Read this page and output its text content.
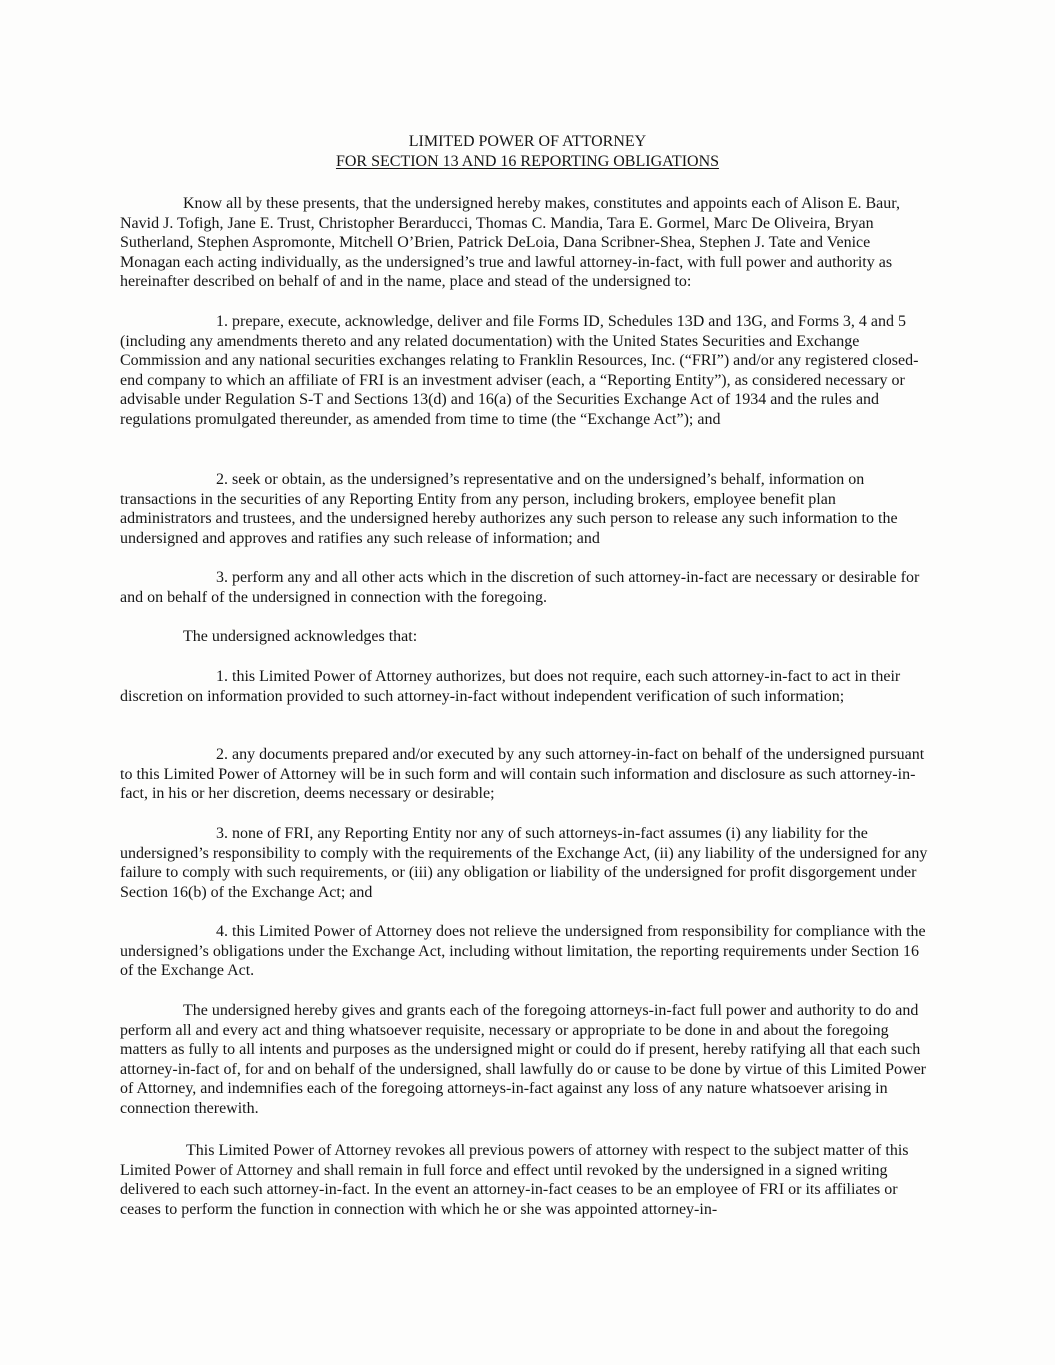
LIMITED POWER OF ATTORNEY
FOR SECTION 13 AND 16 REPORTING OBLIGATIONS

Know all by these presents, that the undersigned hereby makes, constitutes and appoints each of Alison E. Baur, Navid J. Tofigh, Jane E. Trust, Christopher Berarducci, Thomas C. Mandia, Tara E. Gormel, Marc De Oliveira, Bryan Sutherland, Stephen Aspromonte, Mitchell O’Brien, Patrick DeLoia, Dana Scribner-Shea, Stephen J. Tate and Venice Monagan each acting individually, as the undersigned’s true and lawful attorney-in-fact, with full power and authority as hereinafter described on behalf of and in the name, place and stead of the undersigned to:

1. prepare, execute, acknowledge, deliver and file Forms ID, Schedules 13D and 13G, and Forms 3, 4 and 5 (including any amendments thereto and any related documentation) with the United States Securities and Exchange Commission and any national securities exchanges relating to Franklin Resources, Inc. (“FRI”) and/or any registered closed-end company to which an affiliate of FRI is an investment adviser (each, a “Reporting Entity”), as considered necessary or advisable under Regulation S-T and Sections 13(d) and 16(a) of the Securities Exchange Act of 1934 and the rules and regulations promulgated thereunder, as amended from time to time (the “Exchange Act”); and

2. seek or obtain, as the undersigned’s representative and on the undersigned’s behalf, information on transactions in the securities of any Reporting Entity from any person, including brokers, employee benefit plan administrators and trustees, and the undersigned hereby authorizes any such person to release any such information to the undersigned and approves and ratifies any such release of information; and

3. perform any and all other acts which in the discretion of such attorney-in-fact are necessary or desirable for and on behalf of the undersigned in connection with the foregoing.

The undersigned acknowledges that:

1. this Limited Power of Attorney authorizes, but does not require, each such attorney-in-fact to act in their discretion on information provided to such attorney-in-fact without independent verification of such information;

2. any documents prepared and/or executed by any such attorney-in-fact on behalf of the undersigned pursuant to this Limited Power of Attorney will be in such form and will contain such information and disclosure as such attorney-in-fact, in his or her discretion, deems necessary or desirable;

3. none of FRI, any Reporting Entity nor any of such attorneys-in-fact assumes (i) any liability for the undersigned’s responsibility to comply with the requirements of the Exchange Act, (ii) any liability of the undersigned for any failure to comply with such requirements, or (iii) any obligation or liability of the undersigned for profit disgorgement under Section 16(b) of the Exchange Act; and

4. this Limited Power of Attorney does not relieve the undersigned from responsibility for compliance with the undersigned’s obligations under the Exchange Act, including without limitation, the reporting requirements under Section 16 of the Exchange Act.

The undersigned hereby gives and grants each of the foregoing attorneys-in-fact full power and authority to do and perform all and every act and thing whatsoever requisite, necessary or appropriate to be done in and about the foregoing matters as fully to all intents and purposes as the undersigned might or could do if present, hereby ratifying all that each such attorney-in-fact of, for and on behalf of the undersigned, shall lawfully do or cause to be done by virtue of this Limited Power of Attorney, and indemnifies each of the foregoing attorneys-in-fact against any loss of any nature whatsoever arising in connection therewith.

This Limited Power of Attorney revokes all previous powers of attorney with respect to the subject matter of this Limited Power of Attorney and shall remain in full force and effect until revoked by the undersigned in a signed writing delivered to each such attorney-in-fact. In the event an attorney-in-fact ceases to be an employee of FRI or its affiliates or ceases to perform the function in connection with which he or she was appointed attorney-in-
